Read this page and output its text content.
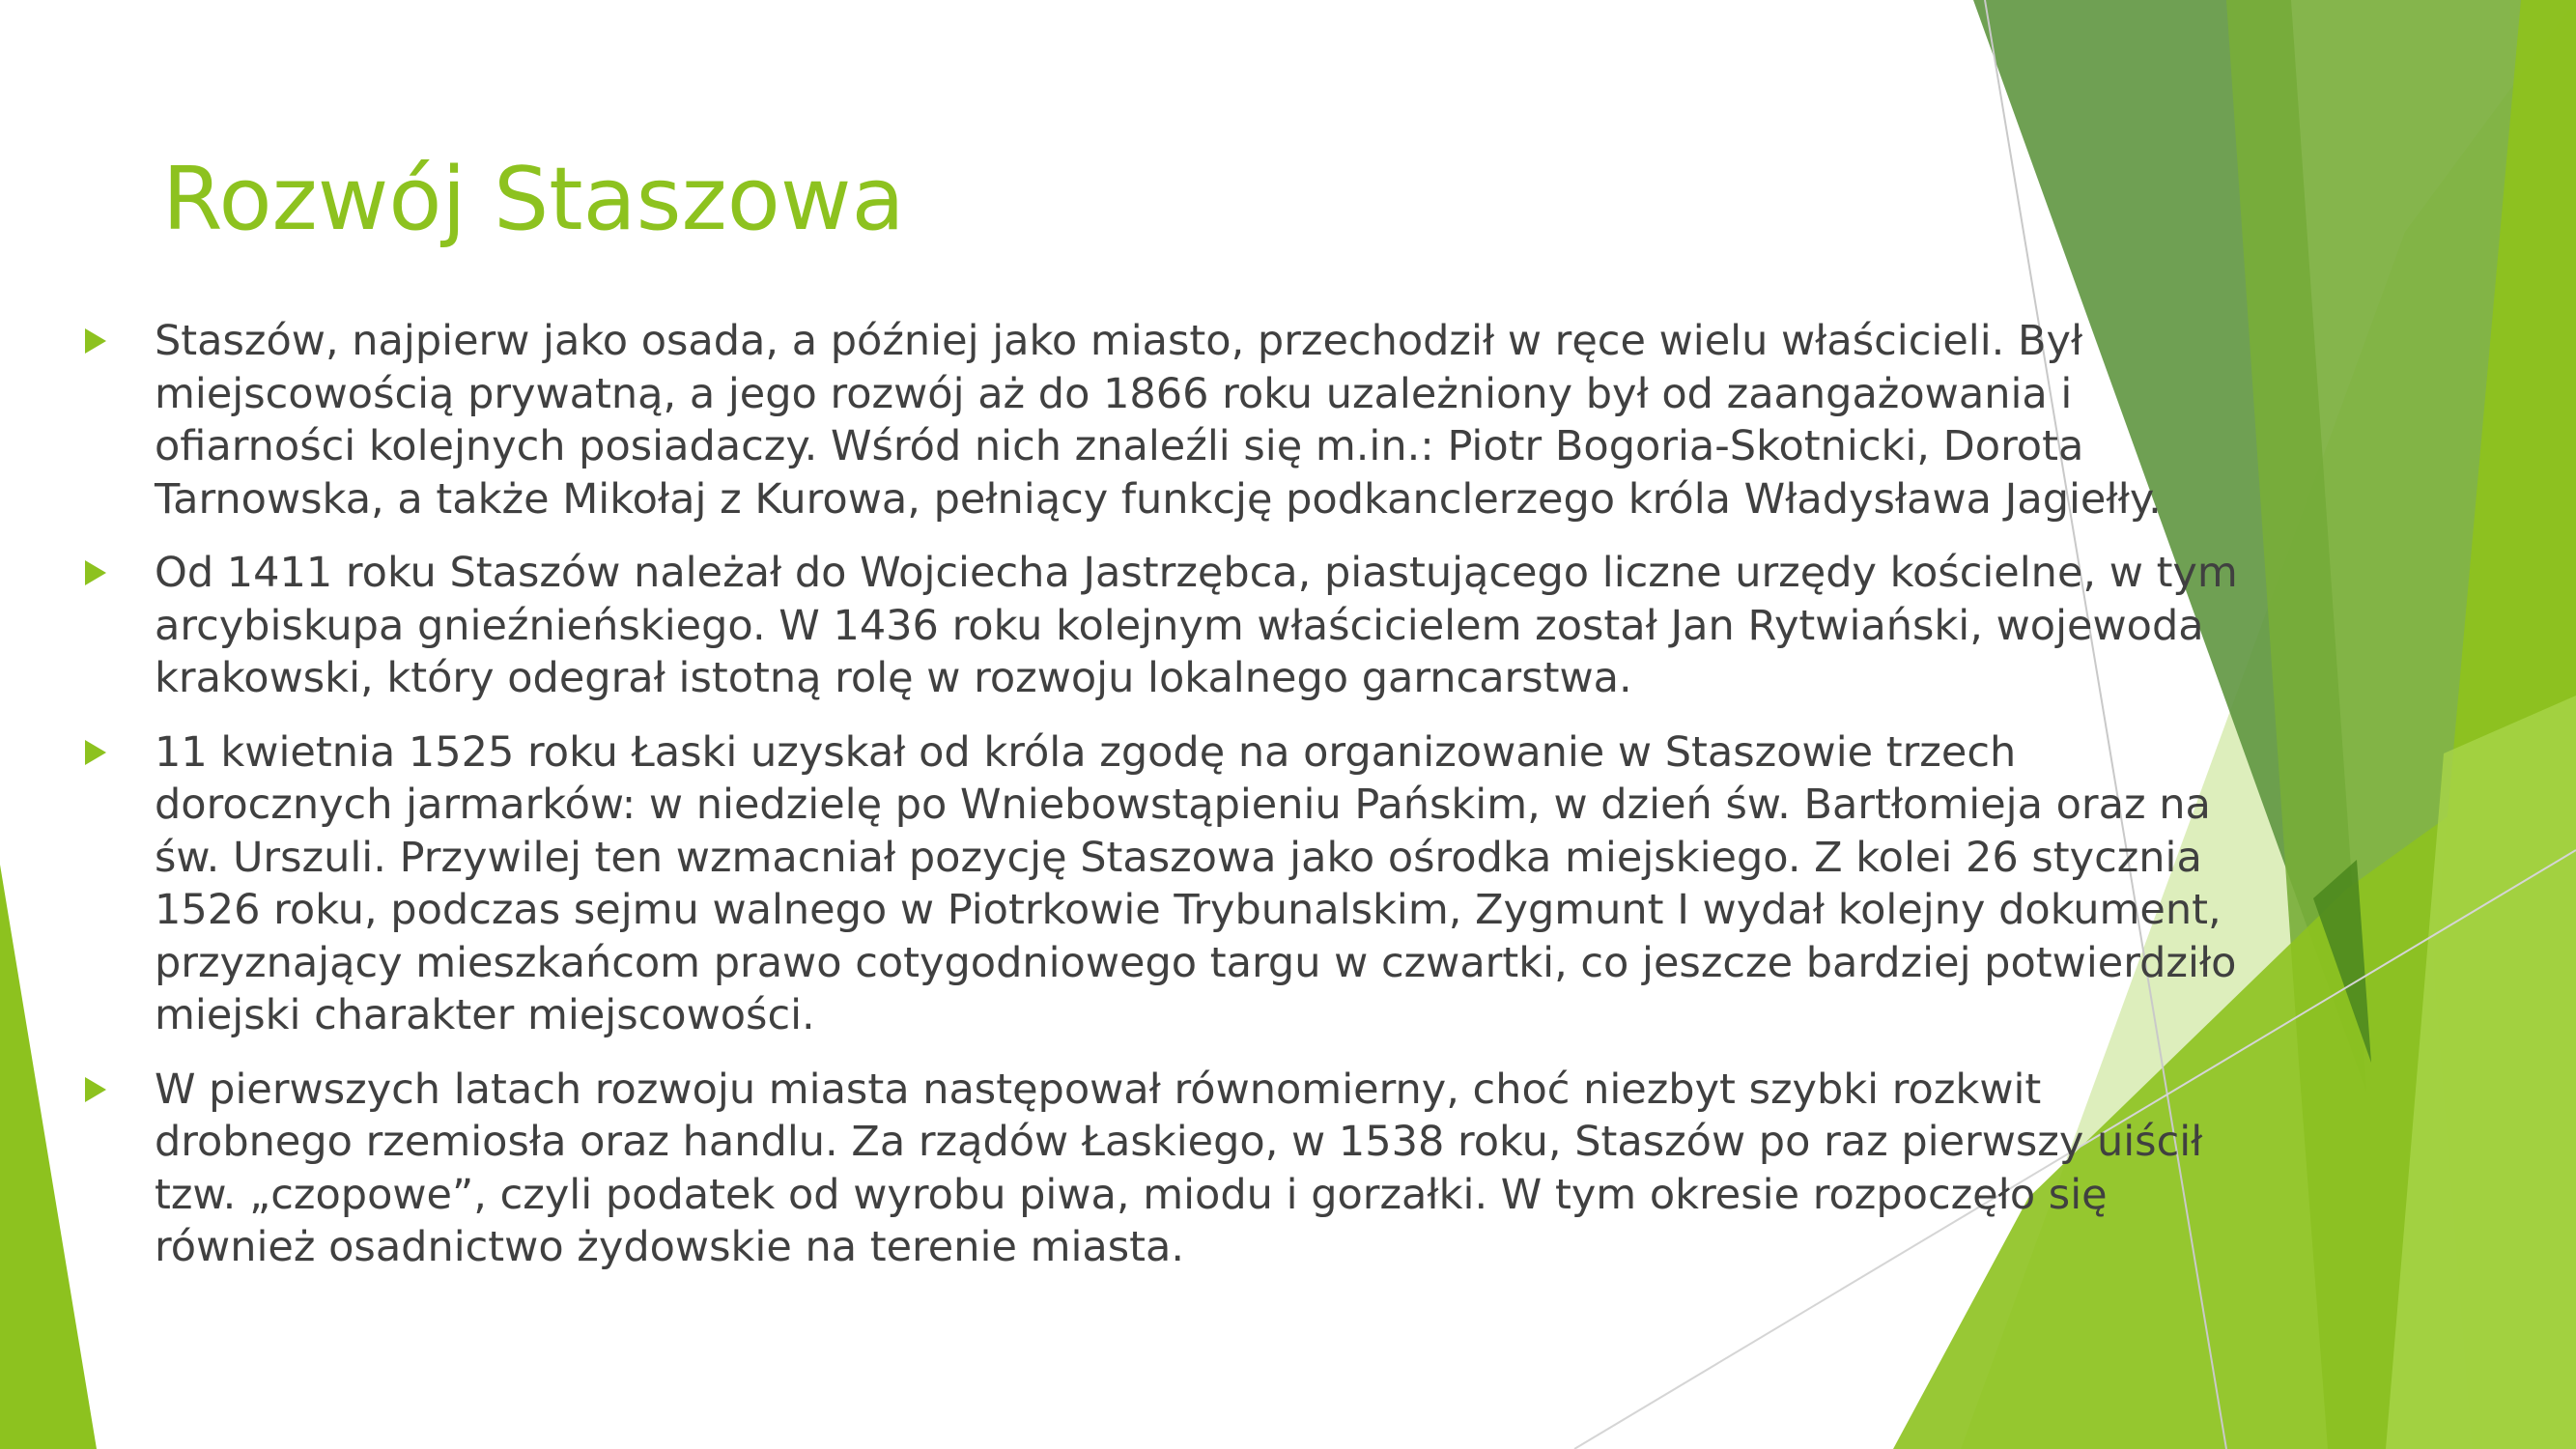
Rozwój Staszowa
Staszów, najpierw jako osada, a później jako miasto, przechodził w ręce wielu właścicieli. Był miejscowością prywatną, a jego rozwój aż do 1866 roku uzależniony był od zaangażowania i ofiarności kolejnych posiadaczy. Wśród nich znaleźli się m.in.: Piotr Bogoria-Skotnicki, Dorota Tarnowska, a także Mikołaj z Kurowa, pełniący funkcję podkanclerzego króla Władysława Jagiełły.
Od 1411 roku Staszów należał do Wojciecha Jastrzębca, piastującego liczne urzędy kościelne, w tym arcybiskupa gnieźnieńskiego. W 1436 roku kolejnym właścicielem został Jan Rytwiański, wojewoda krakowski, który odegrał istotną rolę w rozwoju lokalnego garncarstwa.
11 kwietnia 1525 roku Łaski uzyskał od króla zgodę na organizowanie w Staszowie trzech dorocznych jarmarków: w niedzielę po Wniebowstąpieniu Pańskim, w dzień św. Bartłomieja oraz na św. Urszuli. Przywilej ten wzmacniał pozycję Staszowa jako ośrodka miejskiego. Z kolei 26 stycznia 1526 roku, podczas sejmu walnego w Piotrkowie Trybunalskim, Zygmunt I wydał kolejny dokument, przyznający mieszkańcom prawo cotygodniowego targu w czwartki, co jeszcze bardziej potwierdziło miejski charakter miejscowości.
W pierwszych latach rozwoju miasta następował równomierny, choć niezbyt szybki rozkwit drobnego rzemiosła oraz handlu. Za rządów Łaskiego, w 1538 roku, Staszów po raz pierwszy uiścił tzw. „czopowe”, czyli podatek od wyrobu piwa, miodu i gorzałki. W tym okresie rozpoczęło się również osadnictwo żydowskie na terenie miasta.
